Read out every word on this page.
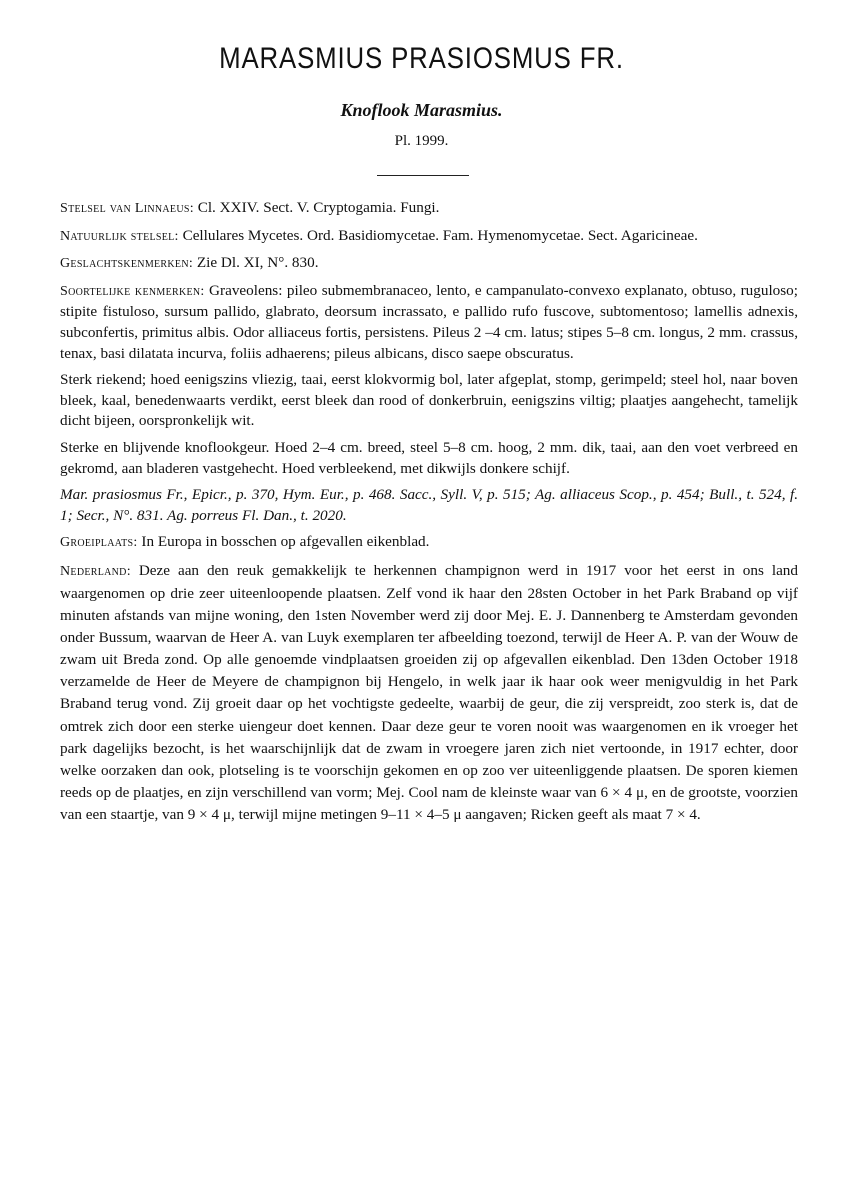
MARASMIUS PRASIOSMUS FR.
Knoflook Marasmius.
Pl. 1999.

Stelsel van Linnaeus: Cl. XXIV. Sect. V. Cryptogamia. Fungi.

Natuurlijk stelsel: Cellulares Mycetes. Ord. Basidiomycetae. Fam. Hymenomycetae. Sect. Agaricineae.

Geslachtskenmerken: Zie Dl. XI, N°. 830.

Soortelijke kenmerken: Graveolens: pileo submembranaceo, lento, e campanulato-convexo explanato, obtuso, ruguloso; stipite fistuloso, sursum pallido, glabrato, deorsum incrassato, e pallido rufo fuscove, subtomentoso; lamellis adnexis, subconfertis, primitus albis. Odor alliaceus fortis, persistens. Pileus 2 –4 cm. latus; stipes 5–8 cm. longus, 2 mm. crassus, tenax, basi dilatata incurva, foliis adhaerens; pileus albicans, disco saepe obscuratus.

Sterk riekend; hoed eenigszins vliezig, taai, eerst klokvormig bol, later afgeplat, stomp, gerimpeld; steel hol, naar boven bleek, kaal, benedenwaarts verdikt, eerst bleek dan rood of donkerbruin, eenigszins viltig; plaatjes aangehecht, tamelijk dicht bijeen, oorspronkelijk wit.

Sterke en blijvende knoflookgeur. Hoed 2–4 cm. breed, steel 5–8 cm. hoog, 2 mm. dik, taai, aan den voet verbreed en gekromd, aan bladeren vastgehecht. Hoed verbleekend, met dikwijls donkere schijf.

Mar. prasiosmus Fr., Epicr., p. 370, Hym. Eur., p. 468. Sacc., Syll. V, p. 515; Ag. alliaceus Scop., p. 454; Bull., t. 524, f. 1; Secr., N°. 831. Ag. porreus Fl. Dan., t. 2020.

Groeiplaats: In Europa in bosschen op afgevallen eikenblad.

Nederland: Deze aan den reuk gemakkelijk te herkennen champignon werd in 1917 voor het eerst in ons land waargenomen op drie zeer uiteenloopende plaatsen. Zelf vond ik haar den 28sten October in het Park Braband op vijf minuten afstands van mijne woning, den 1sten November werd zij door Mej. E. J. Dannenberg te Amsterdam gevonden onder Bussum, waarvan de Heer A. van Luyk exemplaren ter afbeelding toezond, terwijl de Heer A. P. van der Wouw de zwam uit Breda zond. Op alle genoemde vindplaatsen groeiden zij op afgevallen eikenblad. Den 13den October 1918 verzamelde de Heer de Meyere de champignon bij Hengelo, in welk jaar ik haar ook weer menigvuldig in het Park Braband terug vond. Zij groeit daar op het vochtigste gedeelte, waarbij de geur, die zij verspreidt, zoo sterk is, dat de omtrek zich door een sterke uiengeur doet kennen. Daar deze geur te voren nooit was waargenomen en ik vroeger het park dagelijks bezocht, is het waarschijnlijk dat de zwam in vroegere jaren zich niet vertoonde, in 1917 echter, door welke oorzaken dan ook, plotseling is te voorschijn gekomen en op zoo ver uiteenliggende plaatsen. De sporen kiemen reeds op de plaatjes, en zijn verschillend van vorm; Mej. Cool nam de kleinste waar van 6 × 4 μ, en de grootste, voorzien van een staartje, van 9 × 4 μ, terwijl mijne metingen 9–11 × 4–5 μ aangaven; Ricken geeft als maat 7 × 4.
